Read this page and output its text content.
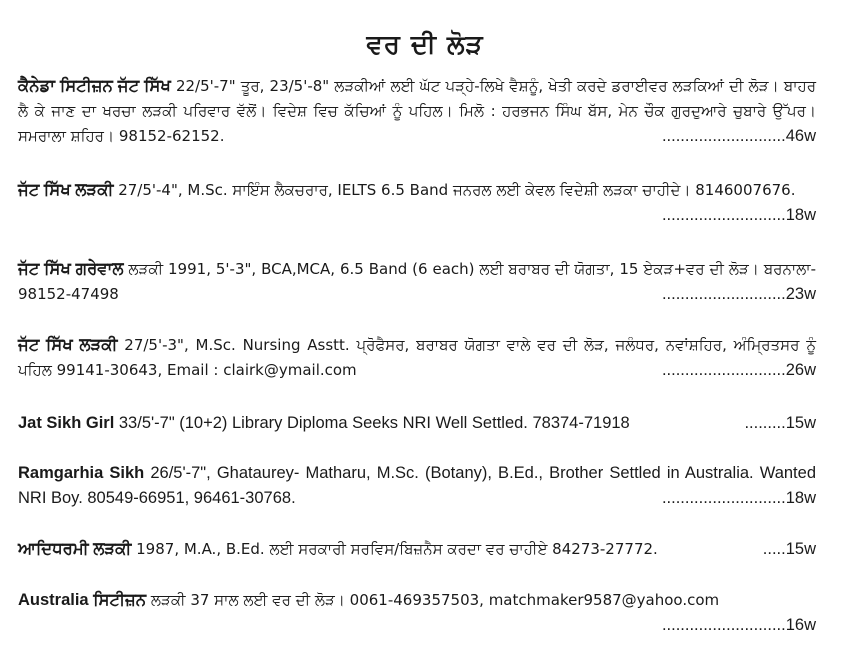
ਵਰ ਦੀ ਲੋੜ
ਕੈਨੇਡਾ ਸਿਟੀਜ਼ਨ ਜੱਟ ਸਿੱਖ 22/5'-7" ਤੂਰ, 23/5'-8" ਲੜਕੀਆਂ ਲਈ ਘੱਟ ਪੜ੍ਹੇ-ਲਿਖੇ ਵੈਸ਼ਨੂੰ, ਖੇਤੀ ਕਰਦੇ ਡਰਾਈਵਰ ਲੜਕਿਆਂ ਦੀ ਲੋੜ। ਬਾਹਰ ਲੈ ਕੇ ਜਾਣ ਦਾ ਖਰਚਾ ਲੜਕੀ ਪਰਿਵਾਰ ਵੱਲੋਂ। ਵਿਦੇਸ਼ ਵਿਚ ਕੱਚਿਆਂ ਨੂੰ ਪਹਿਲ। ਮਿਲੋ : ਹਰਭਜਨ ਸਿੰਘ ਬੱਸ, ਮੇਨ ਚੌਕ ਗੁਰਦੁਆਰੇ ਚੁਬਾਰੇ ਉੱਪਰ। ਸਮਰਾਲਾ ਸ਼ਹਿਰ। 98152-62152.	...........................46w
ਜੱਟ ਸਿੱਖ ਲੜਕੀ 27/5'-4", M.Sc. ਸਾਇੰਸ ਲੈਕਚਰਾਰ, IELTS 6.5 Band ਜਨਰਲ ਲਈ ਕੇਵਲ ਵਿਦੇਸ਼ੀ ਲੜਕਾ ਚਾਹੀਦੇ। 8146007676.
...........................18w
ਜੱਟ ਸਿੱਖ ਗਰੇਵਾਲ ਲੜਕੀ 1991, 5'-3", BCA,MCA, 6.5 Band (6 each) ਲਈ ਬਰਾਬਰ ਦੀ ਯੋਗਤਾ, 15 ਏਕੜ+ਵਰ ਦੀ ਲੋੜ। ਬਰਨਾਲਾ- 98152-47498	...........................23w
ਜੱਟ ਸਿੱਖ ਲੜਕੀ 27/5'-3", M.Sc. Nursing Asstt. ਪ੍ਰੋਫੈਸਰ, ਬਰਾਬਰ ਯੋਗਤਾ ਵਾਲੇ ਵਰ ਦੀ ਲੋੜ, ਜਲੰਧਰ, ਨਵਾਂਸ਼ਹਿਰ, ਅੰਮ੍ਰਿਤਸਰ ਨੂੰ ਪਹਿਲ 99141-30643, Email : clairk@ymail.com	...........................26w
Jat Sikh Girl 33/5'-7" (10+2) Library Diploma Seeks NRI Well Settled. 78374-71918	.........15w
Ramgarhia Sikh 26/5'-7", Ghataurey- Matharu, M.Sc. (Botany), B.Ed., Brother Settled in Australia. Wanted NRI Boy. 80549-66951, 96461-30768.	...........................18w
ਆਦਿਧਰਮੀ ਲੜਕੀ 1987, M.A., B.Ed. ਲਈ ਸਰਕਾਰੀ ਸਰਵਿਸ/ਬਿਜ਼ਨੈਸ ਕਰਦਾ ਵਰ ਚਾਹੀਏ 84273-27772.	.....15w
Australia ਸਿਟੀਜ਼ਨ ਲੜਕੀ 37 ਸਾਲ ਲਈ ਵਰ ਦੀ ਲੋੜ। 0061-469357503, matchmaker9587@yahoo.com
...........................16w
